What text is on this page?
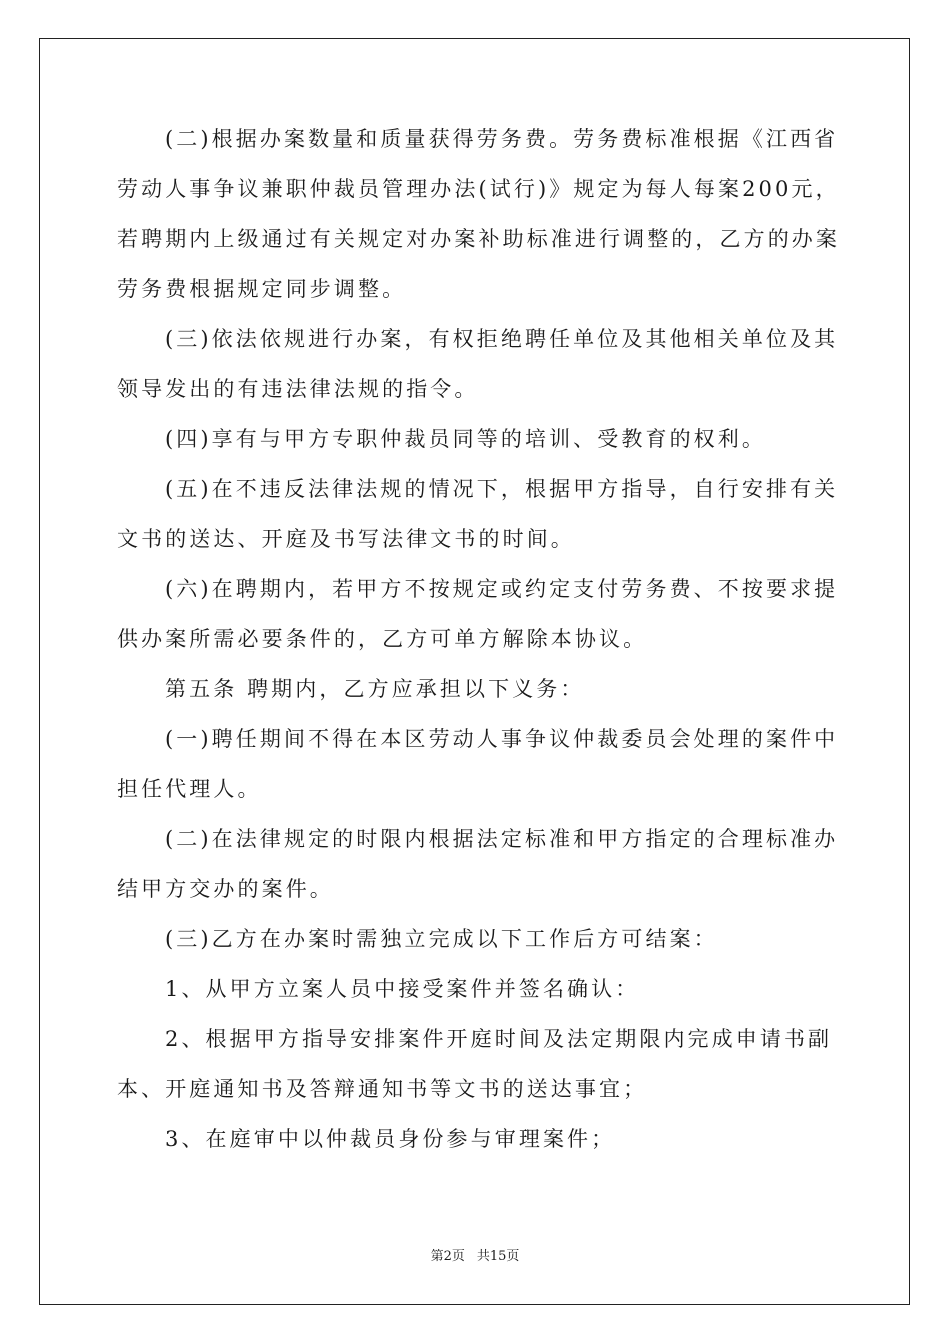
(二)根据办案数量和质量获得劳务费。劳务费标准根据《江西省
劳动人事争议兼职仲裁员管理办法(试行)》规定为每人每案200元，
若聘期内上级通过有关规定对办案补助标准进行调整的，乙方的办案
劳务费根据规定同步调整。
(三)依法依规进行办案，有权拒绝聘任单位及其他相关单位及其
领导发出的有违法律法规的指令。
(四)享有与甲方专职仲裁员同等的培训、受教育的权利。
(五)在不违反法律法规的情况下，根据甲方指导，自行安排有关
文书的送达、开庭及书写法律文书的时间。
(六)在聘期内，若甲方不按规定或约定支付劳务费、不按要求提
供办案所需必要条件的，乙方可单方解除本协议。
第五条 聘期内，乙方应承担以下义务：
(一)聘任期间不得在本区劳动人事争议仲裁委员会处理的案件中
担任代理人。
(二)在法律规定的时限内根据法定标准和甲方指定的合理标准办
结甲方交办的案件。
(三)乙方在办案时需独立完成以下工作后方可结案：
1、从甲方立案人员中接受案件并签名确认：
2、根据甲方指导安排案件开庭时间及法定期限内完成申请书副
本、开庭通知书及答辩通知书等文书的送达事宜；
3、在庭审中以仲裁员身份参与审理案件；
第2页 共15页
